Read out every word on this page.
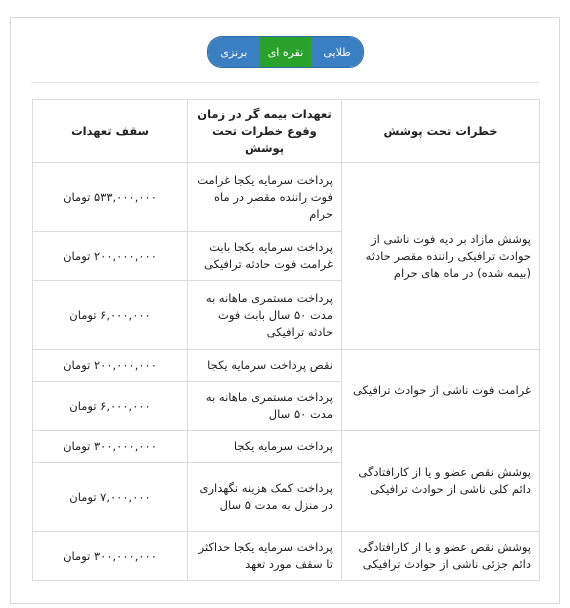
طلایی
نقره ای
برنزی
خطرات تحت پوشش	تعهدات بیمه گر در زمان وقوع خطرات تحت پوشش	سقف تعهدات
پوشش مازاد بر دیه فوت ناشی از حوادث ترافیکی راننده مقصر حادثه (بیمه شده) در ماه های حرام	پرداخت سرمایه یکجا غرامت فوت راننده مقصر در ماه حرام	۵۳۳,۰۰۰,۰۰۰ تومان
	پرداخت سرمایه یکجا بابت غرامت فوت حادثه ترافیکی	۲۰۰,۰۰۰,۰۰۰ تومان
	پرداخت مستمری ماهانه به مدت ۵۰ سال بابت فوت حادثه ترافیکی	۶,۰۰۰,۰۰۰ تومان
غرامت فوت ناشی از حوادث ترافیکی	نقص پرداخت سرمایه یکجا	۲۰۰,۰۰۰,۰۰۰ تومان
	پرداخت مستمری ماهانه به مدت ۵۰ سال	۶,۰۰۰,۰۰۰ تومان
پوشش نقص عضو و یا از کارافتادگی دائم کلی ناشی از حوادث ترافیکی	پرداخت سرمایه یکجا	۳۰۰,۰۰۰,۰۰۰ تومان
	پرداخت کمک هزینه نگهداری در منزل به مدت ۵ سال	۷,۰۰۰,۰۰۰ تومان
پوشش نقص عضو و یا از کارافتادگی دائم جزئی ناشی از حوادث ترافیکی	پرداخت سرمایه یکجا حداکثر تا سقف مورد تعهد	۳۰۰,۰۰۰,۰۰۰ تومان
